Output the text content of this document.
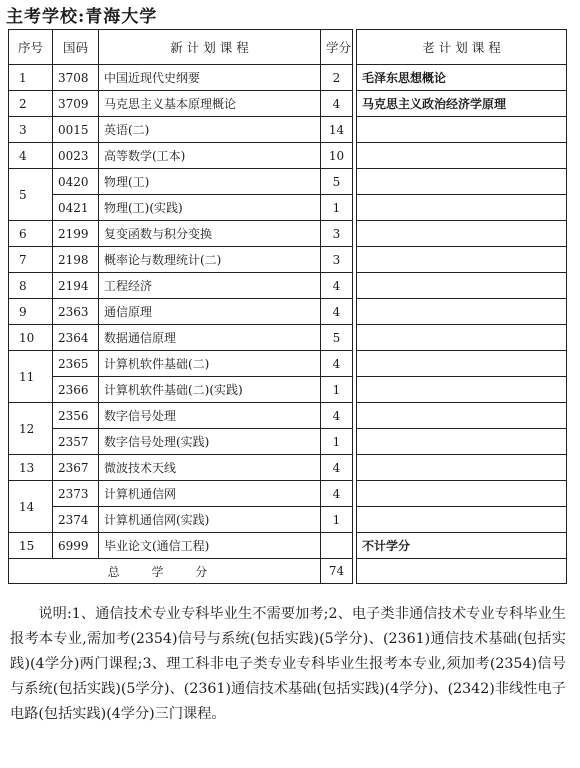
主考学校:青海大学
序号	国码	新 计 划 课 程	学分		老 计 划 课 程
1	3708	中国近现代史纲要	2		毛泽东思想概论
2	3709	马克思主义基本原理概论	4		马克思主义政治经济学原理
3	0015	英语(二)	14		
4	0023	高等数学(工本)	10		
5	0420	物理(工)	5		
	0421	物理(工)(实践)	1		
6	2199	复变函数与积分变换	3		
7	2198	概率论与数理统计(二)	3		
8	2194	工程经济	4		
9	2363	通信原理	4		
10	2364	数据通信原理	5		
11	2365	计算机软件基础(二)	4		
	2366	计算机软件基础(二)(实践)	1		
12	2356	数字信号处理	4		
	2357	数字信号处理(实践)	1		
13	2367	微波技术天线	4		
14	2373	计算机通信网	4		
	2374	计算机通信网(实践)	1		
15	6999	毕业论文(通信工程)			不计学分
总 学 分			74		

说明:1、通信技术专业专科毕业生不需要加考;2、电子类非通信技术专业专科毕业生报考本专业,需加考(2354)信号与系统(包括实践)(5学分)、(2361)通信技术基础(包括实践)(4学分)两门课程;3、理工科非电子类专业专科毕业生报考本专业,须加考(2354)信号与系统(包括实践)(5学分)、(2361)通信技术基础(包括实践)(4学分)、(2342)非线性电子电路(包括实践)(4学分)三门课程。
